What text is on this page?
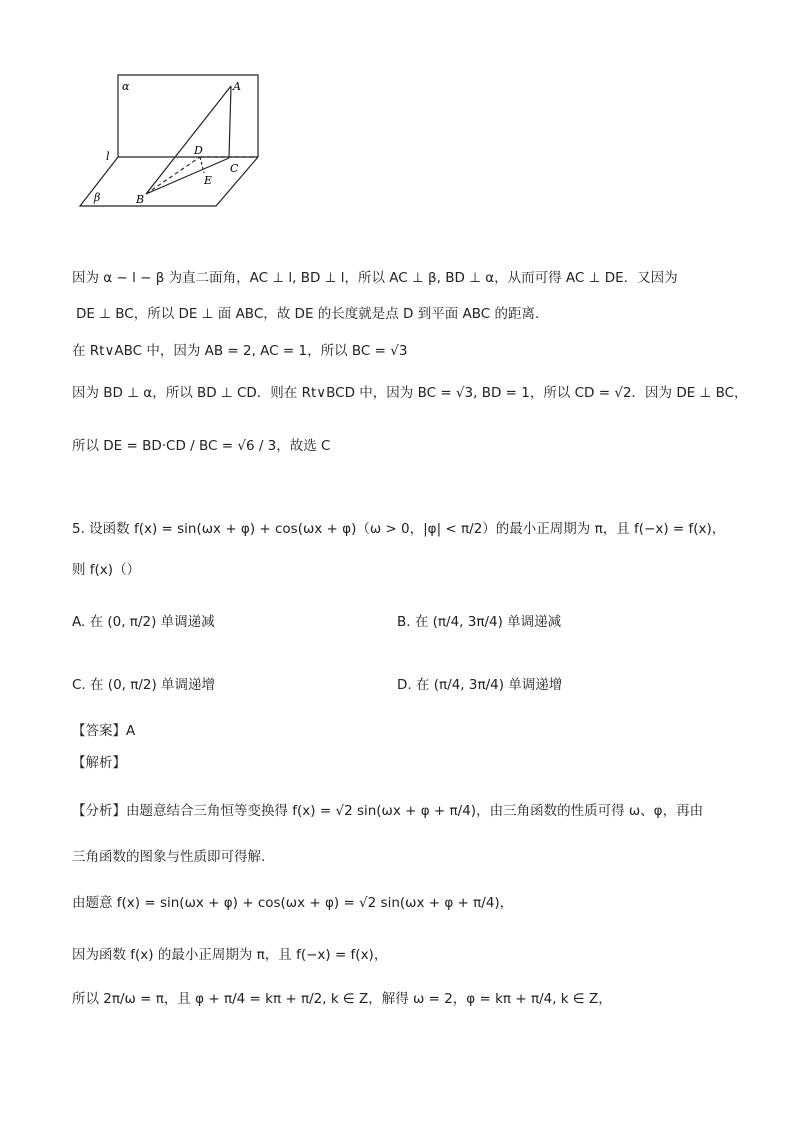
α	A
l	D
C
E
β	B
因为 α − l − β 为直二面角，AC ⊥ l, BD ⊥ l，所以 AC ⊥ β, BD ⊥ α，从而可得 AC ⊥ DE．又因为
DE ⊥ BC，所以 DE ⊥ 面 ABC，故 DE 的长度就是点 D 到平面 ABC 的距离．
在 Rt∨ABC 中，因为 AB = 2, AC = 1，所以 BC = √3
因为 BD ⊥ α，所以 BD ⊥ CD．则在 Rt∨BCD 中，因为 BC = √3, BD = 1，所以 CD = √2．因为 DE ⊥ BC，
所以 DE = BD·CD / BC = √6 / 3，故选 C
5. 设函数 f(x) = sin(ωx + φ) + cos(ωx + φ)（ω > 0，|φ| < π/2）的最小正周期为 π，且 f(−x) = f(x)，
则 f(x)（）
A. 在 (0, π/2) 单调递减	B. 在 (π/4, 3π/4) 单调递减
C. 在 (0, π/2) 单调递增	D. 在 (π/4, 3π/4) 单调递增
【答案】A
【解析】
【分析】由题意结合三角恒等变换得 f(x) = √2 sin(ωx + φ + π/4)，由三角函数的性质可得 ω、φ，再由
三角函数的图象与性质即可得解.
由题意 f(x) = sin(ωx + φ) + cos(ωx + φ) = √2 sin(ωx + φ + π/4)，
因为函数 f(x) 的最小正周期为 π，且 f(−x) = f(x)，
所以 2π/ω = π，且 φ + π/4 = kπ + π/2, k ∈ Z，解得 ω = 2，φ = kπ + π/4, k ∈ Z，
